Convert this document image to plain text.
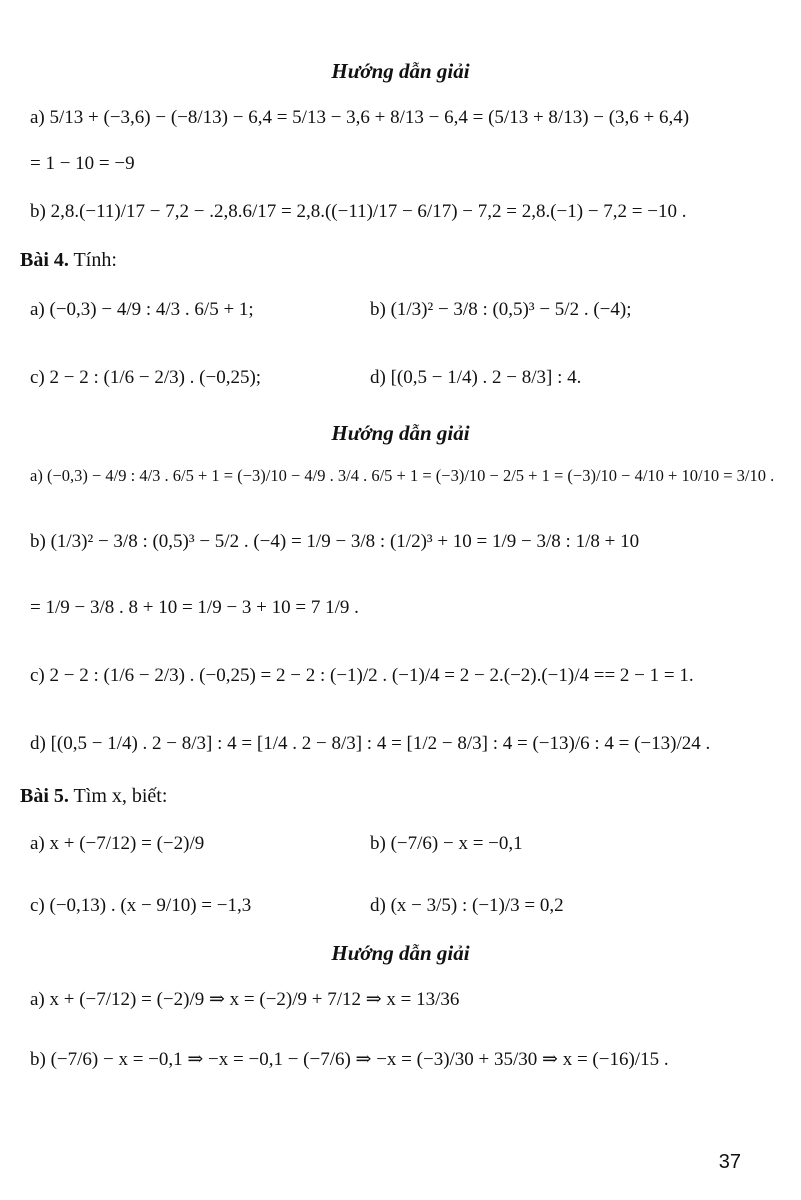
Hướng dẫn giải
a) 5/13 + (−3,6) − (−8/13) − 6,4 = 5/13 − 3,6 + 8/13 − 6,4 = (5/13 + 8/13) − (3,6 + 6,4)
= 1 − 10 = −9
b) 2,8.(−11)/17 − 7,2 − .2,8.6/17 = 2,8.((−11)/17 − 6/17) − 7,2 = 2,8.(−1) − 7,2 = −10 .
Bài 4. Tính:
a) (−0,3) − 4/9 : 4/3 . 6/5 + 1;	b) (1/3)² − 3/8 : (0,5)³ − 5/2 . (−4);
c) 2 − 2 : (1/6 − 2/3) . (−0,25);	d) [(0,5 − 1/4) . 2 − 8/3] : 4.
Hướng dẫn giải
a) (−0,3) − 4/9 : 4/3 . 6/5 + 1 = (−3)/10 − 4/9 . 3/4 . 6/5 + 1 = (−3)/10 − 2/5 + 1 = (−3)/10 − 4/10 + 10/10 = 3/10 .
b) (1/3)² − 3/8 : (0,5)³ − 5/2 . (−4) = 1/9 − 3/8 : (1/2)³ + 10 = 1/9 − 3/8 : 1/8 + 10
= 1/9 − 3/8 . 8 + 10 = 1/9 − 3 + 10 = 7 1/9 .
c) 2 − 2 : (1/6 − 2/3) . (−0,25) = 2 − 2 : (−1)/2 . (−1)/4 = 2 − 2.(−2).(−1)/4 == 2 − 1 = 1.
d) [(0,5 − 1/4) . 2 − 8/3] : 4 = [1/4 . 2 − 8/3] : 4 = [1/2 − 8/3] : 4 = (−13)/6 : 4 = (−13)/24 .
Bài 5. Tìm x, biết:
a) x + (−7/12) = (−2)/9	b) (−7/6) − x = −0,1
c) (−0,13) . (x − 9/10) = −1,3	d) (x − 3/5) : (−1)/3 = 0,2
Hướng dẫn giải
a) x + (−7/12) = (−2)/9 ⇒ x = (−2)/9 + 7/12 ⇒ x = 13/36
b) (−7/6) − x = −0,1 ⇒ −x = −0,1 − (−7/6) ⇒ −x = (−3)/30 + 35/30 ⇒ x = (−16)/15 .
37
